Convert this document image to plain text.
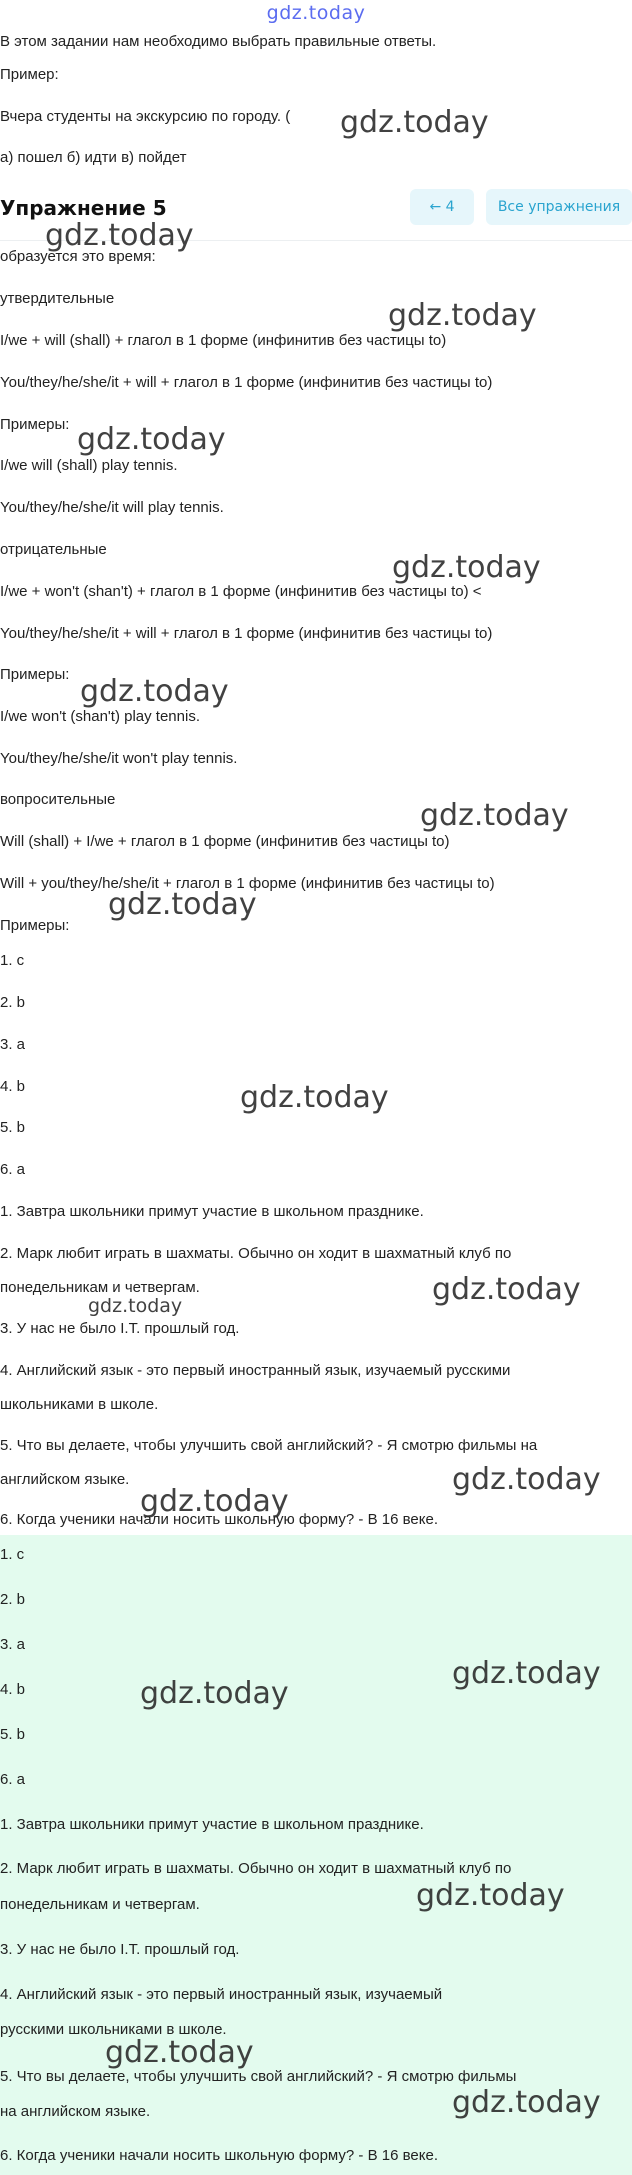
gdz.today
В этом задании нам необходимо выбрать правильные ответы.
Пример:
Вчера студенты на экскурсию по городу. (
а) пошел б) идти в) пойдет
Упражнение 5	← 4	Все упражнения
образуется это время:
утвердительные
I/we + will (shall) + глагол в 1 форме (инфинитив без частицы to)
You/they/he/she/it + will + глагол в 1 форме (инфинитив без частицы to)
Примеры:
I/we will (shall) play tennis.
You/they/he/she/it will play tennis.
отрицательные
I/we + won't (shan't) + глагол в 1 форме (инфинитив без частицы to) <
You/they/he/she/it + will + глагол в 1 форме (инфинитив без частицы to)
Примеры:
I/we won't (shan't) play tennis.
You/they/he/she/it won't play tennis.
вопросительные
Will (shall) + I/we + глагол в 1 форме (инфинитив без частицы to)
Will + you/they/he/she/it + глагол в 1 форме (инфинитив без частицы to)
Примеры:
1. c
2. b
3. a
4. b
5. b
6. a
1. Завтра школьники примут участие в школьном празднике.
2. Марк любит играть в шахматы. Обычно он ходит в шахматный клуб по
понедельникам и четвергам.
3. У нас не было I.T. прошлый год.
4. Английский язык - это первый иностранный язык, изучаемый русскими
школьниками в школе.
5. Что вы делаете, чтобы улучшить свой английский? - Я смотрю фильмы на
английском языке.
6. Когда ученики начали носить школьную форму? - В 16 веке.
1. c
2. b
3. a
4. b
5. b
6. a
1. Завтра школьники примут участие в школьном празднике.
2. Марк любит играть в шахматы. Обычно он ходит в шахматный клуб по
понедельникам и четвергам.
3. У нас не было I.T. прошлый год.
4. Английский язык - это первый иностранный язык, изучаемый
русскими школьниками в школе.
5. Что вы делаете, чтобы улучшить свой английский? - Я смотрю фильмы
на английском языке.
6. Когда ученики начали носить школьную форму? - В 16 веке.
gdz.today
gdz.today
gdz.today
gdz.today
gdz.today
gdz.today
gdz.today
gdz.today
gdz.today
gdz.today
gdz.today
gdz.today
gdz.today
gdz.today
gdz.today
gdz.today
gdz.today
gdz.today
